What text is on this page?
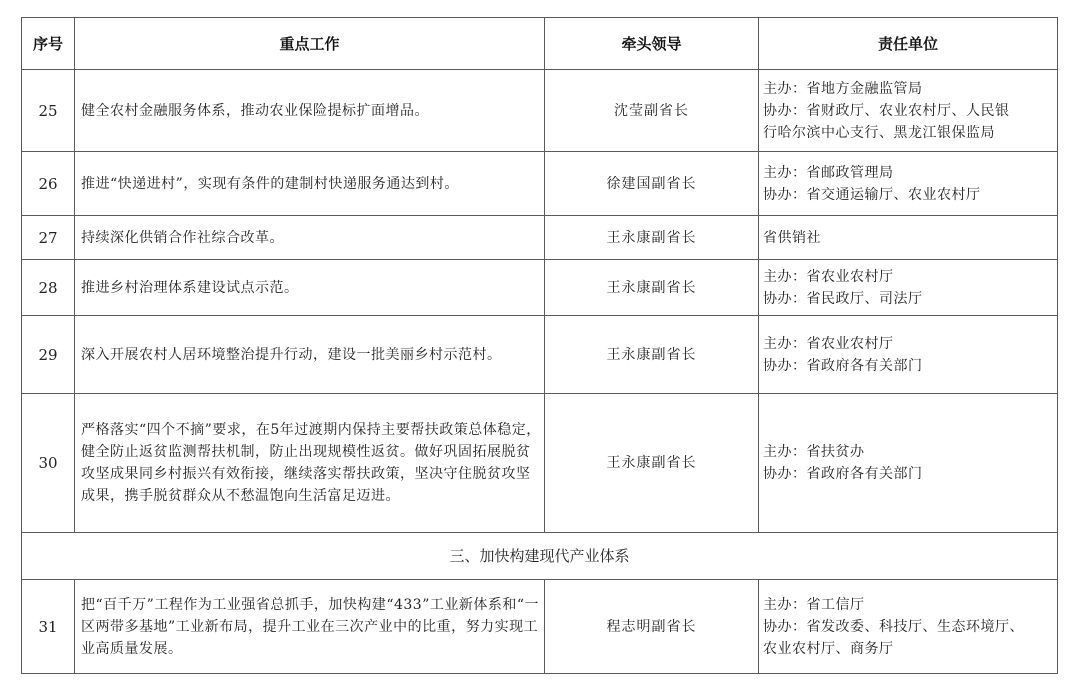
序号	重点工作	牵头领导	责任单位
25	健全农村金融服务体系，推动农业保险提标扩面增品。	沈莹副省长	主办：省地方金融监管局
协办：省财政厅、农业农村厅、人民银
行哈尔滨中心支行、黑龙江银保监局

26	推进“快递进村”，实现有条件的建制村快递服务通达到村。	徐建国副省长	主办：省邮政管理局
协办：省交通运输厅、农业农村厅

27	持续深化供销合作社综合改革。	王永康副省长	省供销社

28	推进乡村治理体系建设试点示范。	王永康副省长	主办：省农业农村厅
协办：省民政厅、司法厅

29	深入开展农村人居环境整治提升行动，建设一批美丽乡村示范村。	王永康副省长	主办：省农业农村厅
协办：省政府各有关部门

30	严格落实“四个不摘”要求，在5年过渡期内保持主要帮扶政策总体稳定，健全防止返贫监测帮扶机制，防止出现规模性返贫。做好巩固拓展脱贫攻坚成果同乡村振兴有效衔接，继续落实帮扶政策，坚决守住脱贫攻坚成果，携手脱贫群众从不愁温饱向生活富足迈进。	王永康副省长	主办：省扶贫办
协办：省政府各有关部门

三、加快构建现代产业体系			
31	把“百千万”工程作为工业强省总抓手，加快构建“433”工业新体系和“一区两带多基地”工业新布局，提升工业在三次产业中的比重，努力实现工业高质量发展。	程志明副省长	主办：省工信厅
协办：省发改委、科技厅、生态环境厅、
农业农村厅、商务厅
